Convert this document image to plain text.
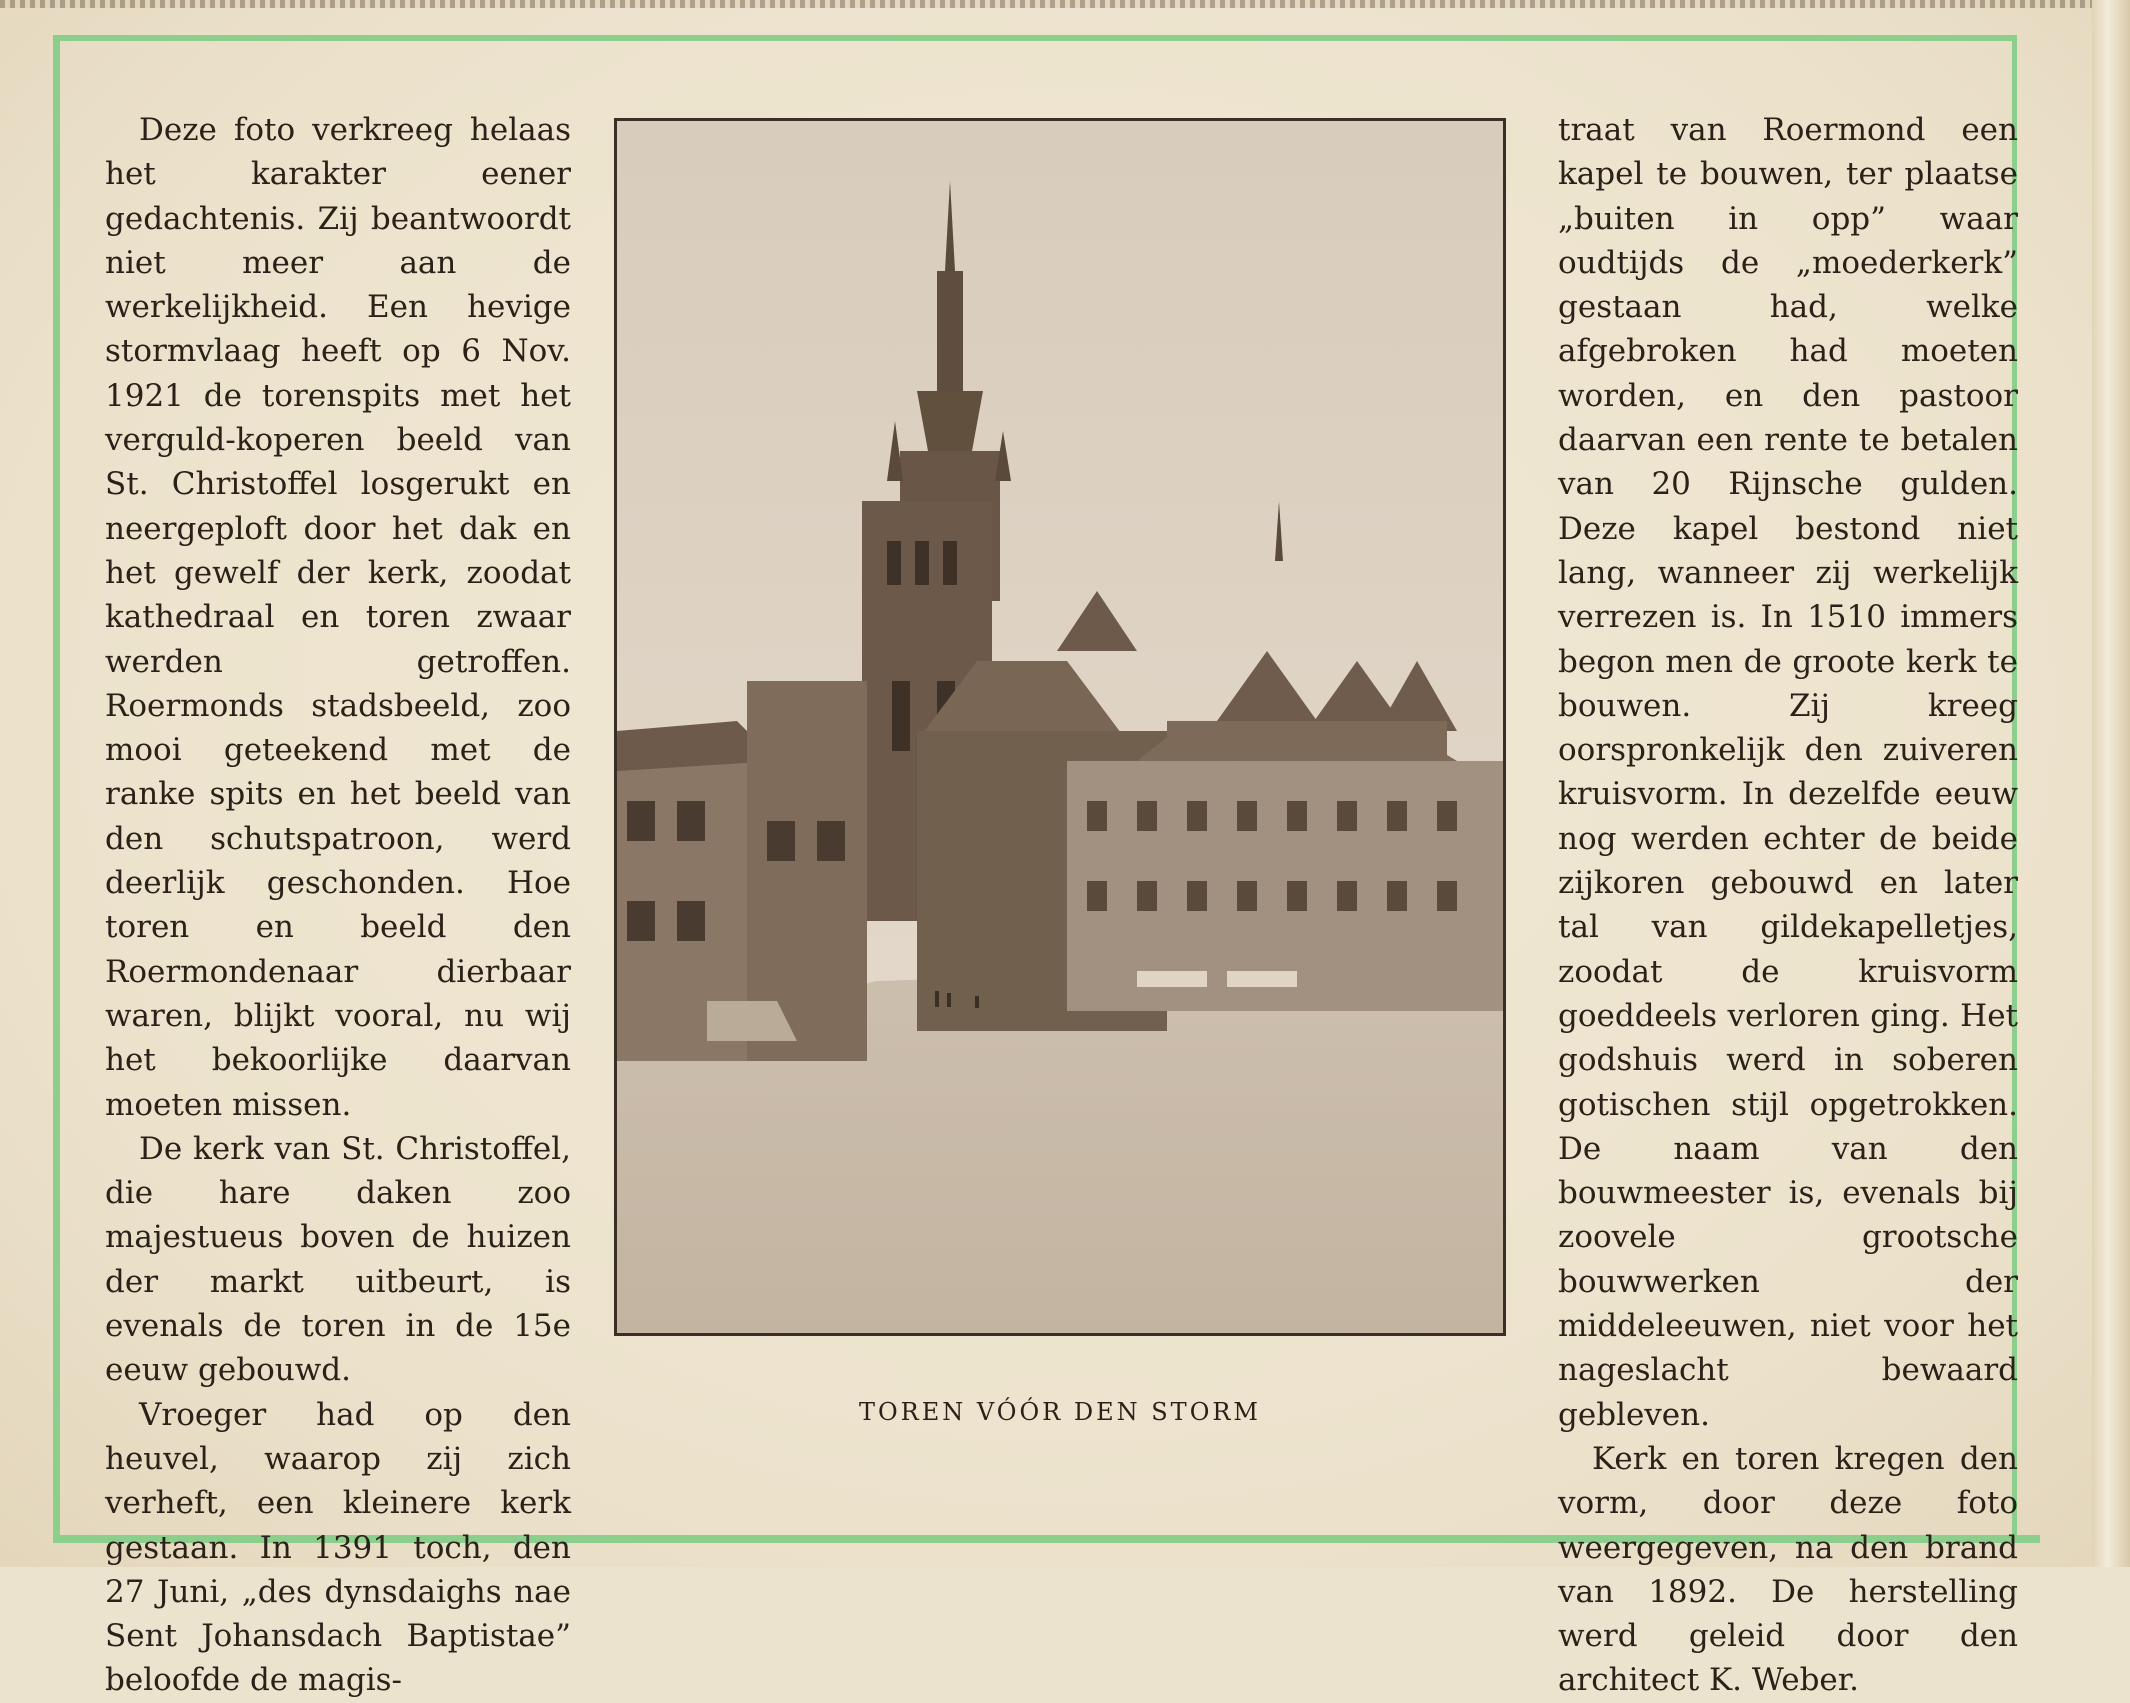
Deze foto verkreeg helaas het karakter eener gedachtenis. Zij beantwoordt niet meer aan de werkelijkheid. Een hevige stormvlaag heeft op 6 Nov. 1921 de torenspits met het verguld-koperen beeld van St. Christoffel losgerukt en neergeploft door het dak en het gewelf der kerk, zoodat kathedraal en toren zwaar werden getroffen. Roermonds stadsbeeld, zoo mooi geteekend met de ranke spits en het beeld van den schutspatroon, werd deerlijk geschonden. Hoe toren en beeld den Roermondenaar dierbaar waren, blijkt vooral, nu wij het bekoorlijke daarvan moeten missen.

De kerk van St. Christoffel, die hare daken zoo majestueus boven de huizen der markt uitbeurt, is evenals de toren in de 15e eeuw gebouwd.

Vroeger had op den heuvel, waarop zij zich verheft, een kleinere kerk gestaan. In 1391 toch, den 27 Juni, „des dynsdaighs nae Sent Johansdach Baptistae” beloofde de magis-

TOREN VÓÓR DEN STORM

traat van Roermond een kapel te bouwen, ter plaatse „buiten in opp” waar oudtijds de „moederkerk” gestaan had, welke afgebroken had moeten worden, en den pastoor daarvan een rente te betalen van 20 Rijnsche gulden. Deze kapel bestond niet lang, wanneer zij werkelijk verrezen is. In 1510 immers begon men de groote kerk te bouwen. Zij kreeg oorspronkelijk den zuiveren kruisvorm. In dezelfde eeuw nog werden echter de beide zijkoren gebouwd en later tal van gildekapelletjes, zoodat de kruisvorm goeddeels verloren ging. Het godshuis werd in soberen gotischen stijl opgetrokken. De naam van den bouwmeester is, evenals bij zoovele grootsche bouwwerken der middeleeuwen, niet voor het nageslacht bewaard gebleven.

Kerk en toren kregen den vorm, door deze foto weergegeven, na den brand van 1892. De herstelling werd geleid door den architect K. Weber.
